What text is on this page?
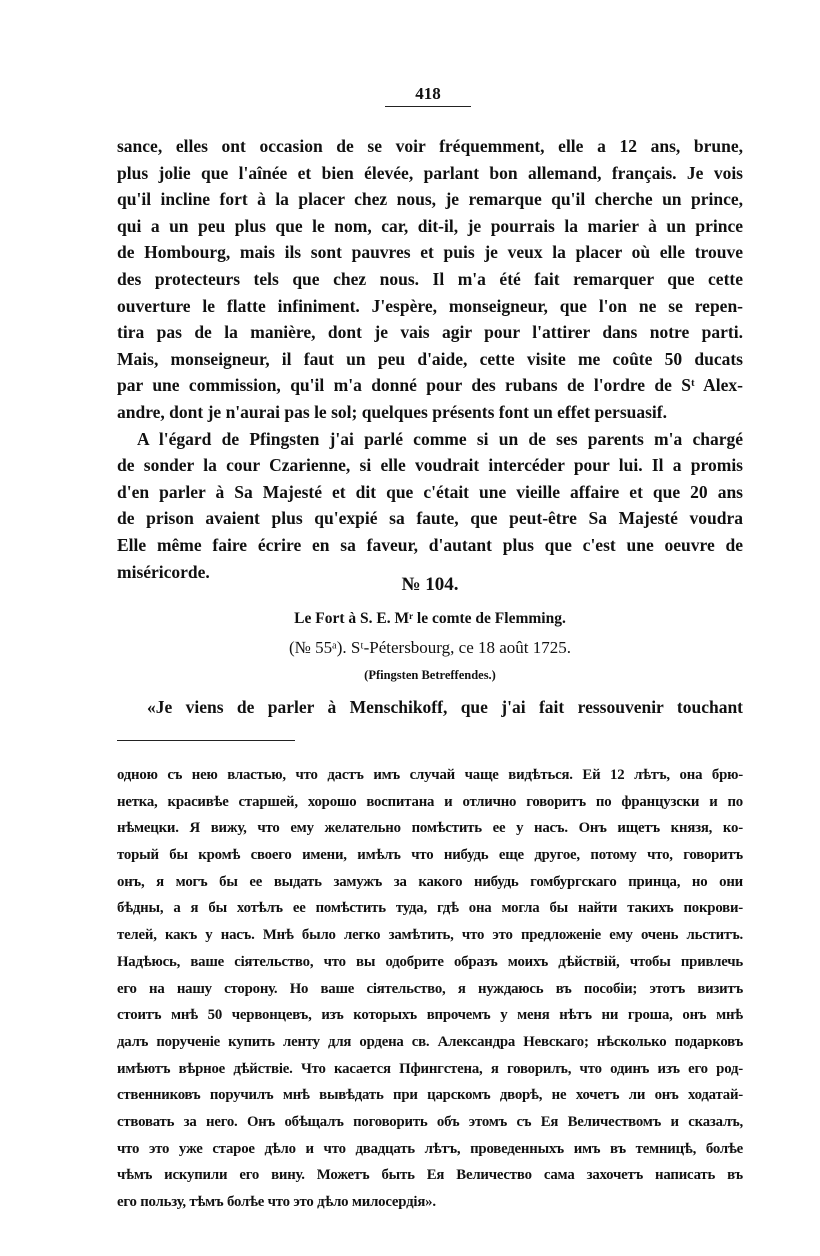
418
sance, elles ont occasion de se voir fréquemment, elle a 12 ans, brune,
plus jolie que l'aînée et bien élevée, parlant bon allemand, français. Je vois
qu'il incline fort à la placer chez nous, je remarque qu'il cherche un prince,
qui a un peu plus que le nom, car, dit-il, je pourrais la marier à un prince
de Hombourg, mais ils sont pauvres et puis je veux la placer où elle trouve
des protecteurs tels que chez nous. Il m'a été fait remarquer que cette
ouverture le flatte infiniment. J'espère, monseigneur, que l'on ne se repen-
tira pas de la manière, dont je vais agir pour l'attirer dans notre parti.
Mais, monseigneur, il faut un peu d'aide, cette visite me coûte 50 ducats
par une commission, qu'il m'a donné pour des rubans de l'ordre de Sᵗ Alex-
andre, dont je n'aurai pas le sol; quelques présents font un effet persuasif.
A l'égard de Pfingsten j'ai parlé comme si un de ses parents m'a chargé
de sonder la cour Czarienne, si elle voudrait intercéder pour lui. Il a promis
d'en parler à Sa Majesté et dit que c'était une vieille affaire et que 20 ans
de prison avaient plus qu'expié sa faute, que peut-être Sa Majesté voudra
Elle même faire écrire en sa faveur, d'autant plus que c'est une oeuvre de
miséricorde.
№ 104.
Le Fort à S. E. Mʳ le comte de Flemming.
(№ 55ᵃ). Sᵗ-Pétersbourg, ce 18 août 1725.
(Pfingsten Betreffendes.)
«Je viens de parler à Menschikoff, que j'ai fait ressouvenir touchant
одною съ нею властью, что дастъ имъ случай чаще видѣться. Ей 12 лѣтъ, она брю-
нетка, красивѣе старшей, хорошо воспитана и отлично говоритъ по французски и по
нѣмецки. Я вижу, что ему желательно помѣстить ее у насъ. Онъ ищетъ князя, ко-
торый бы кромѣ своего имени, имѣлъ что нибудь еще другое, потому что, говоритъ
онъ, я могъ бы ее выдать замужъ за какого нибудь гомбургскаго принца, но они
бѣдны, а я бы хотѣлъ ее помѣстить туда, гдѣ она могла бы найти такихъ покрови-
телей, какъ у насъ. Мнѣ было легко замѣтить, что это предложеніе ему очень льститъ.
Надѣюсь, ваше сіятельство, что вы одобрите образъ моихъ дѣйствій, чтобы привлечь
его на нашу сторону. Но ваше сіятельство, я нуждаюсь въ пособіи; этотъ визитъ
стоитъ мнѣ 50 червонцевъ, изъ которыхъ впрочемъ у меня нѣтъ ни гроша, онъ мнѣ
далъ порученіе купить ленту для ордена св. Александра Невскаго; нѣсколько подарковъ
имѣютъ вѣрное дѣйствіе. Что касается Пфингстена, я говорилъ, что одинъ изъ его род-
ственниковъ поручилъ мнѣ вывѣдать при царскомъ дворѣ, не хочетъ ли онъ ходатай-
ствовать за него. Онъ обѣщалъ поговорить объ этомъ съ Ея Величествомъ и сказалъ,
что это уже старое дѣло и что двадцать лѣтъ, проведенныхъ имъ въ темницѣ, болѣе
чѣмъ искупили его вину. Можетъ быть Ея Величество сама захочетъ написать въ
его пользу, тѣмъ болѣе что это дѣло милосердія».
